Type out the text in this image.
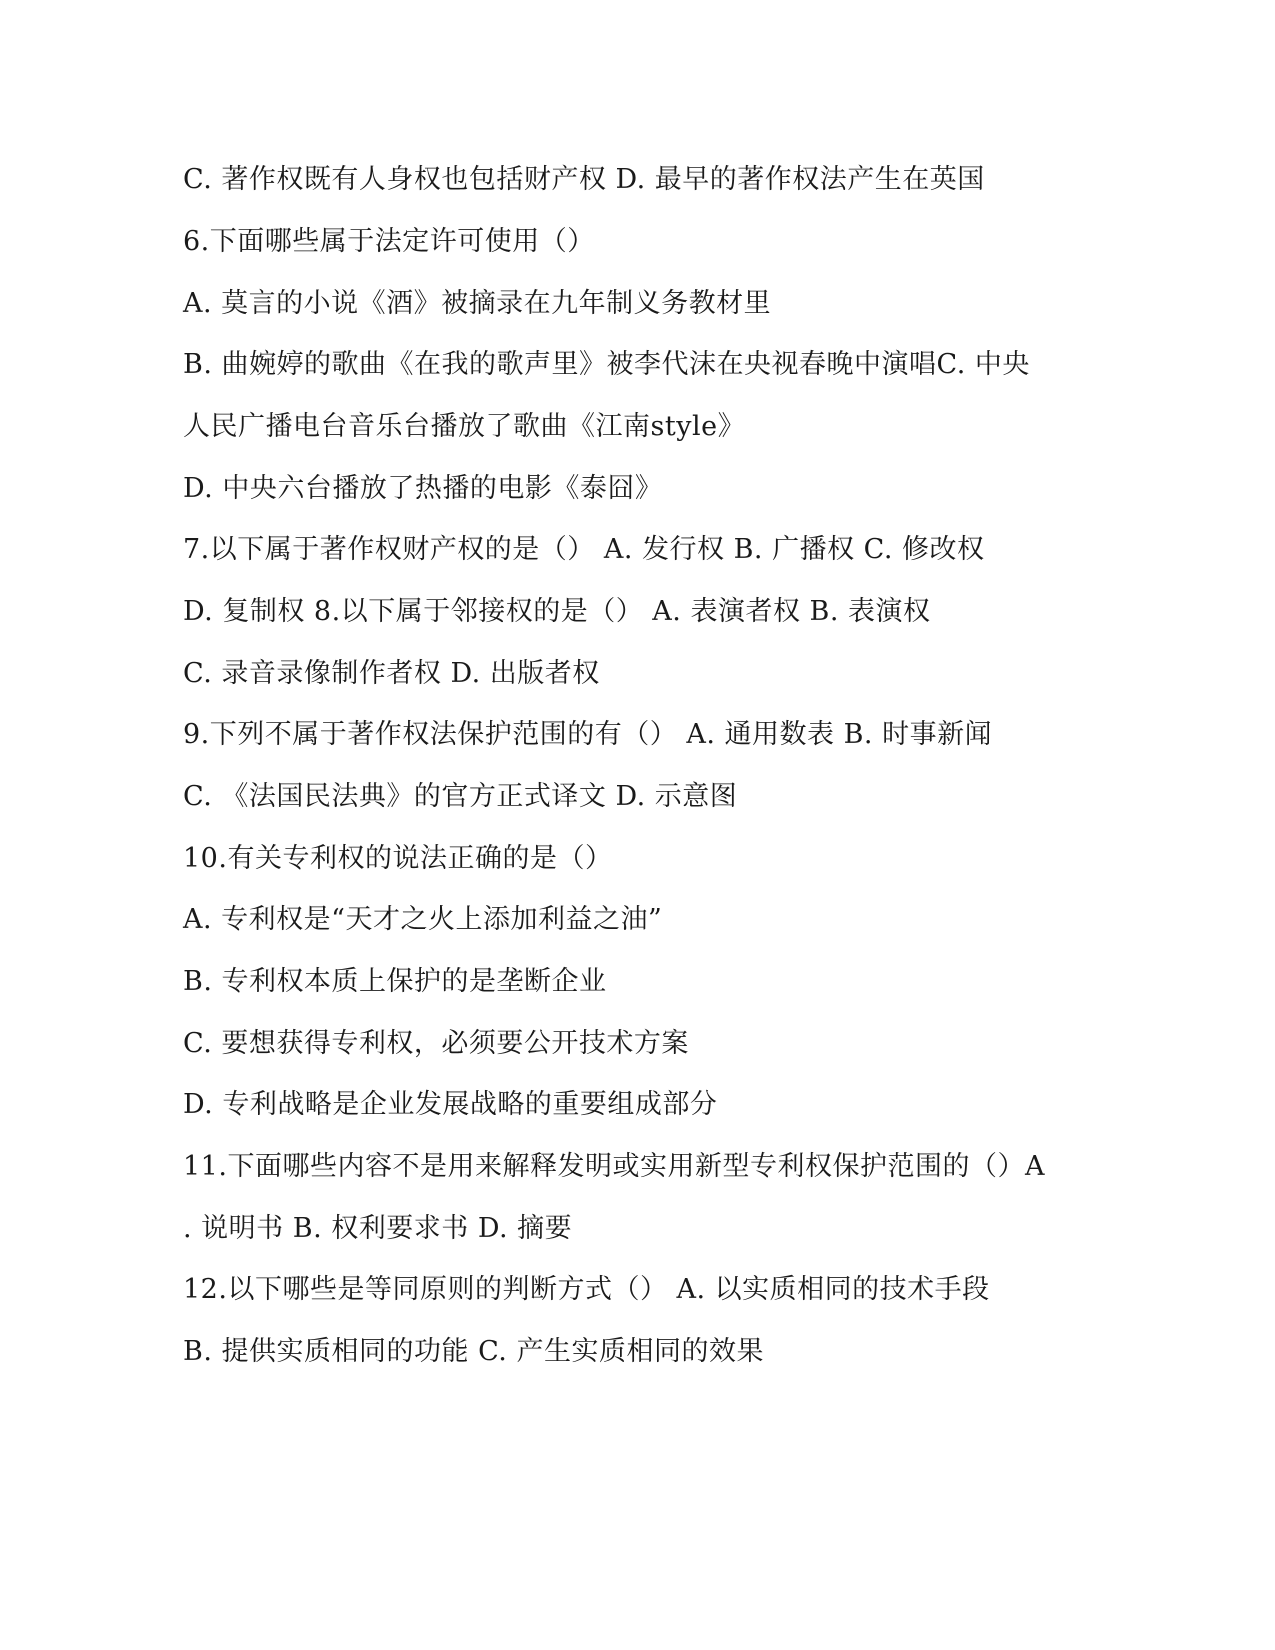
C. 著作权既有人身权也包括财产权 D. 最早的著作权法产生在英国
6.下面哪些属于法定许可使用（）
A. 莫言的小说《酒》被摘录在九年制义务教材里
B. 曲婉婷的歌曲《在我的歌声里》被李代沫在央视春晚中演唱C. 中央
人民广播电台音乐台播放了歌曲《江南style》
D. 中央六台播放了热播的电影《泰囧》
7.以下属于著作权财产权的是（） A. 发行权 B. 广播权 C. 修改权
D. 复制权 8.以下属于邻接权的是（） A. 表演者权 B. 表演权
C. 录音录像制作者权 D. 出版者权
9.下列不属于著作权法保护范围的有（） A. 通用数表 B. 时事新闻
C. 《法国民法典》的官方正式译文 D. 示意图
10.有关专利权的说法正确的是（）
A. 专利权是“天才之火上添加利益之油”
B. 专利权本质上保护的是垄断企业
C. 要想获得专利权，必须要公开技术方案
D. 专利战略是企业发展战略的重要组成部分
11.下面哪些内容不是用来解释发明或实用新型专利权保护范围的（）A
. 说明书 B. 权利要求书 D. 摘要
12.以下哪些是等同原则的判断方式（） A. 以实质相同的技术手段
B. 提供实质相同的功能 C. 产生实质相同的效果
